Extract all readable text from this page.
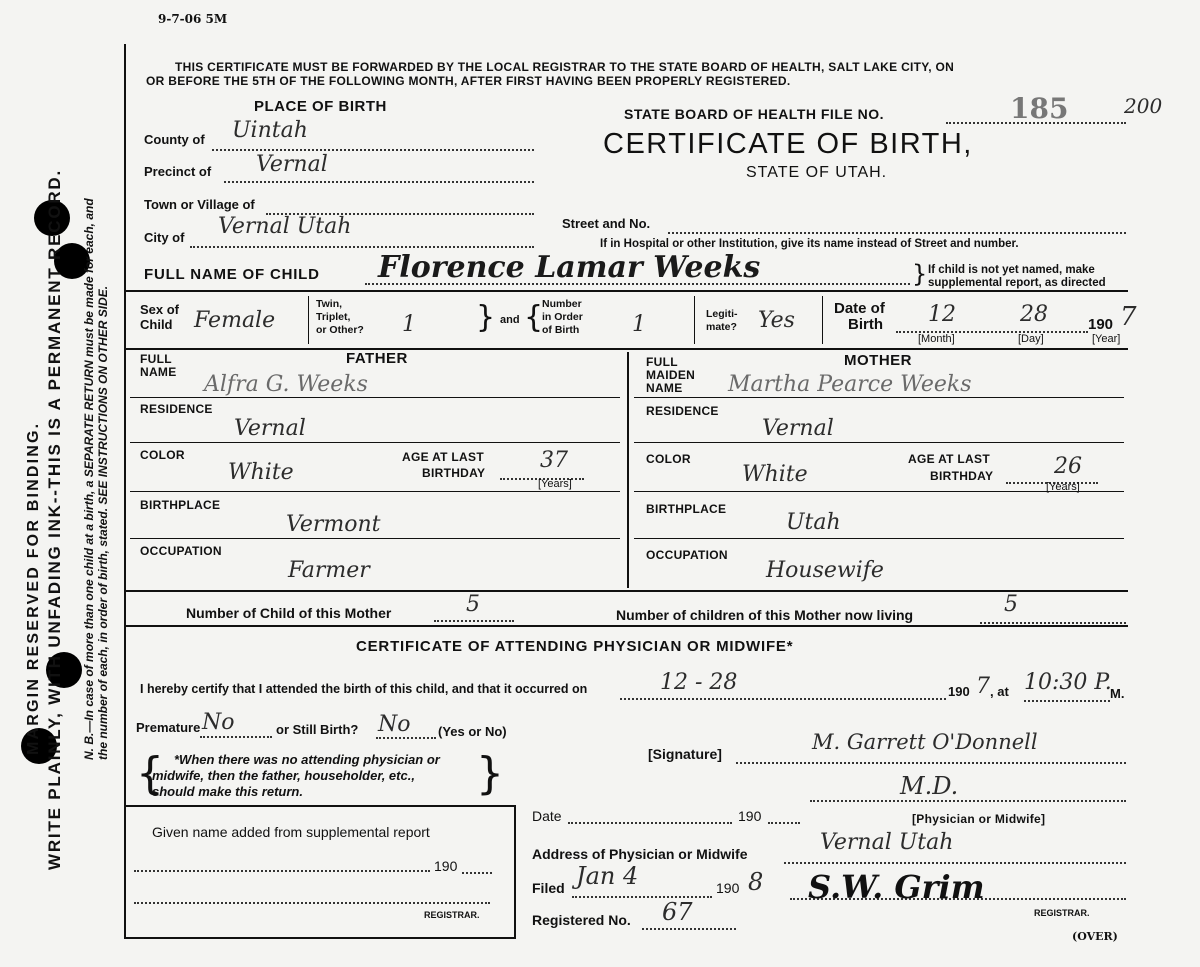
WRITE PLAINLY, WITH UNFADING INK--THIS IS A PERMANENT RECORD.
MARGIN RESERVED FOR BINDING.	N. B.—In case of more than one child at a birth, a SEPARATE RETURN must be made for each, and the number of each, in order of birth, stated. SEE INSTRUCTIONS ON OTHER SIDE.
9-7-06 5M
THIS CERTIFICATE MUST BE FORWARDED BY THE LOCAL REGISTRAR TO THE STATE BOARD OF HEALTH, SALT LAKE CITY, ON
OR BEFORE THE 5TH OF THE FOLLOWING MONTH, AFTER FIRST HAVING BEEN PROPERLY REGISTERED.
PLACE OF BIRTH	STATE BOARD OF HEALTH FILE NO.	185	200
CERTIFICATE OF BIRTH,
STATE OF UTAH.
County of Uintah
Precinct of Vernal
Town or Village of
City of Vernal Utah	Street and No.
If in Hospital or other Institution, give its name instead of Street and number.
FULL NAME OF CHILD Florence Lamar Weeks	} If child is not yet named, make
supplemental report, as directed
Sex of
Child Female
Twin,
Triplet,
or Other? 1 } and {
Number
in Order
of Birth 1	Legiti-
mate? Yes	Date of
Birth 12	28	190 7
[Month]	[Day]	[Year]
FATHER
FULL
NAME Alfra G. Weeks
RESIDENCE
Vernal
COLOR
White
AGE AT LAST
BIRTHDAY 37
[Years]
BIRTHPLACE
Vermont
OCCUPATION
Farmer
MOTHER
FULL
MAIDEN
NAME Martha Pearce Weeks
RESIDENCE
Vernal
COLOR
White
AGE AT LAST
BIRTHDAY	26
[Years]
BIRTHPLACE
Utah
OCCUPATION
Housewife
Number of Child of this Mother	5	Number of children of this Mother now living	5
CERTIFICATE OF ATTENDING PHYSICIAN OR MIDWIFE*
I hereby certify that I attended the birth of this child, and that it occurred on	12 - 28	190 7 , at 10:30 P.
M.
Premature No	or Still Birth? No (Yes or No)
{ *When there was no attending physician or
midwife, then the father, householder, etc.,
should make this return.	}	[Signature]	M. Garrett O'Donnell
M.D.
[Physician or Midwife]
Given name added from supplemental report
190
REGISTRAR.
Date	190
Address of Physician or Midwife	Vernal Utah
Filed Jan 4	190 8 S.W. Grim
REGISTRAR.
Registered No. 67
(OVER)
